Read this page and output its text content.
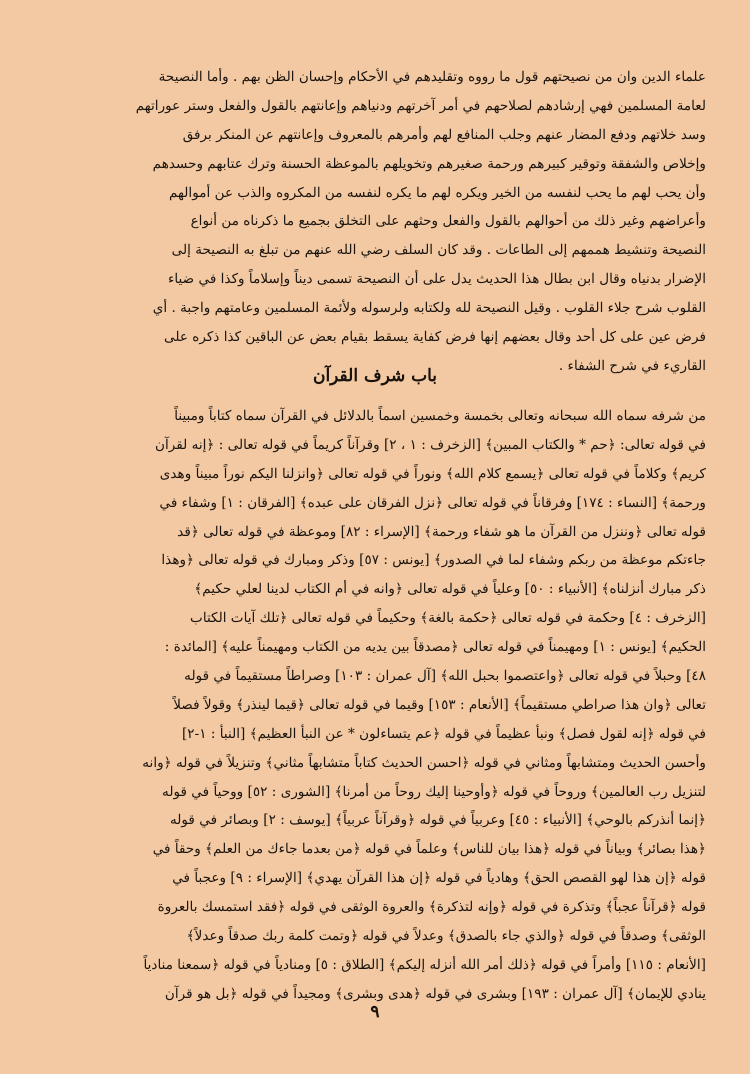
علماء الدين وان من نصيحتهم قول ما رووه وتقليدهم في الأحكام وإحسان الظن بهم . وأما النصيحة
لعامة المسلمين فهي إرشادهم لصلاحهم في أمر آخرتهم ودنياهم وإعانتهم بالقول والفعل وستر عوراتهم
وسد خلاتهم ودفع المضار عنهم وجلب المنافع لهم وأمرهم بالمعروف وإعانتهم عن المنكر برفق
وإخلاص والشفقة وتوقير كبيرهم ورحمة صغيرهم وتخويلهم بالموعظة الحسنة وترك عتابهم وحسدهم
وأن يحب لهم ما يحب لنفسه من الخير ويكره لهم ما يكره لنفسه من المكروه والذب عن أموالهم
وأعراضهم وغير ذلك من أحوالهم بالقول والفعل وحثهم على التخلق بجميع ما ذكرناه من أنواع
النصيحة وتنشيط هممهم إلى الطاعات . وقد كان السلف رضي الله عنهم من تبلغ به النصيحة إلى
الإضرار بدنياه وقال ابن بطال هذا الحديث يدل على أن النصيحة تسمى ديناً وإسلاماً وكذا في ضياء
القلوب شرح جلاء القلوب . وقيل النصيحة لله ولكتابه ولرسوله ولأئمة المسلمين وعامتهم واجبة . أي
فرض عين على كل أحد وقال بعضهم إنها فرض كفاية يسقط بقيام بعض عن الباقين كذا ذكره على
القاريء في شرح الشفاء .
باب شرف القرآن
من شرفه سماه الله سبحانه وتعالى بخمسة وخمسين اسماً بالدلائل في القرآن سماه كتاباً ومبيناً
في قوله تعالى: ﴿حم * والكتاب المبين﴾ [الزخرف : ١ ، ٢] وقرآناً كريماً في قوله تعالى : ﴿إنه لقرآن
كريم﴾ وكلاماً في قوله تعالى ﴿يسمع كلام الله﴾ ونوراً في قوله تعالى ﴿وانزلنا اليكم نوراً مبيناً وهدى
ورحمة﴾ [النساء : ١٧٤] وفرقاناً في قوله تعالى ﴿نزل الفرقان على عبده﴾ [الفرقان : ١] وشفاء في
قوله تعالى ﴿وننزل من القرآن ما هو شفاء ورحمة﴾ [الإسراء : ٨٢] وموعظة في قوله تعالى ﴿قد
جاءتكم موعظة من ربكم وشفاء لما في الصدور﴾ [يونس : ٥٧] وذكر ومبارك في قوله تعالى ﴿وهذا
ذكر مبارك أنزلناه﴾ [الأنبياء : ٥٠] وعلياً في قوله تعالى ﴿وانه في أم الكتاب لدينا لعلي حكيم﴾
[الزخرف : ٤] وحكمة في قوله تعالى ﴿حكمة بالغة﴾ وحكيماً في قوله تعالى ﴿تلك آيات الكتاب
الحكيم﴾ [يونس : ١] ومهيمناً في قوله تعالى ﴿مصدقاً بين يديه من الكتاب ومهيمناً عليه﴾ [المائدة :
٤٨] وحبلاً في قوله تعالى ﴿واعتصموا بحبل الله﴾ [آل عمران : ١٠٣] وصراطاً مستقيماً في قوله
تعالى ﴿وان هذا صراطي مستقيماً﴾ [الأنعام : ١٥٣] وقيما في قوله تعالى ﴿قيما لينذر﴾ وقولاً فصلاً
في قوله ﴿إنه لقول فصل﴾ ونبأ عظيماً في قوله ﴿عم يتساءلون * عن النبأ العظيم﴾ [النبأ : ١-٢]
وأحسن الحديث ومتشابهاً ومثاني في قوله ﴿احسن الحديث كتاباً متشابهاً مثاني﴾ وتنزيلاً في قوله ﴿وانه
لتنزيل رب العالمين﴾ وروحاً في قوله ﴿وأوحينا إليك روحاً من أمرنا﴾ [الشورى : ٥٢] ووحياً في قوله
﴿إنما أنذركم بالوحي﴾ [الأنبياء : ٤٥] وعربياً في قوله ﴿وقرآناً عربياً﴾ [يوسف : ٢] وبصائر في قوله
﴿هذا بصائر﴾ وبياناً في قوله ﴿هذا بيان للناس﴾ وعلماً في قوله ﴿من بعدما جاءك من العلم﴾ وحقاً في
قوله ﴿إن هذا لهو القصص الحق﴾ وهادياً في قوله ﴿إن هذا القرآن يهدي﴾ [الإسراء : ٩] وعجباً في
قوله ﴿قرآناً عجباً﴾ وتذكرة في قوله ﴿وإنه لتذكرة﴾ والعروة الوثقى في قوله ﴿فقد استمسك بالعروة
الوثقى﴾ وصدقاً في قوله ﴿والذي جاء بالصدق﴾ وعدلاً في قوله ﴿وتمت كلمة ربك صدقاً وعدلاً﴾
[الأنعام : ١١٥] وأمراً في قوله ﴿ذلك أمر الله أنزله إليكم﴾ [الطلاق : ٥] ومنادياً في قوله ﴿سمعنا منادياً
ينادي للإيمان﴾ [آل عمران : ١٩٣] وبشرى في قوله ﴿هدى وبشرى﴾ ومجيداً في قوله ﴿بل هو قرآن
٩
